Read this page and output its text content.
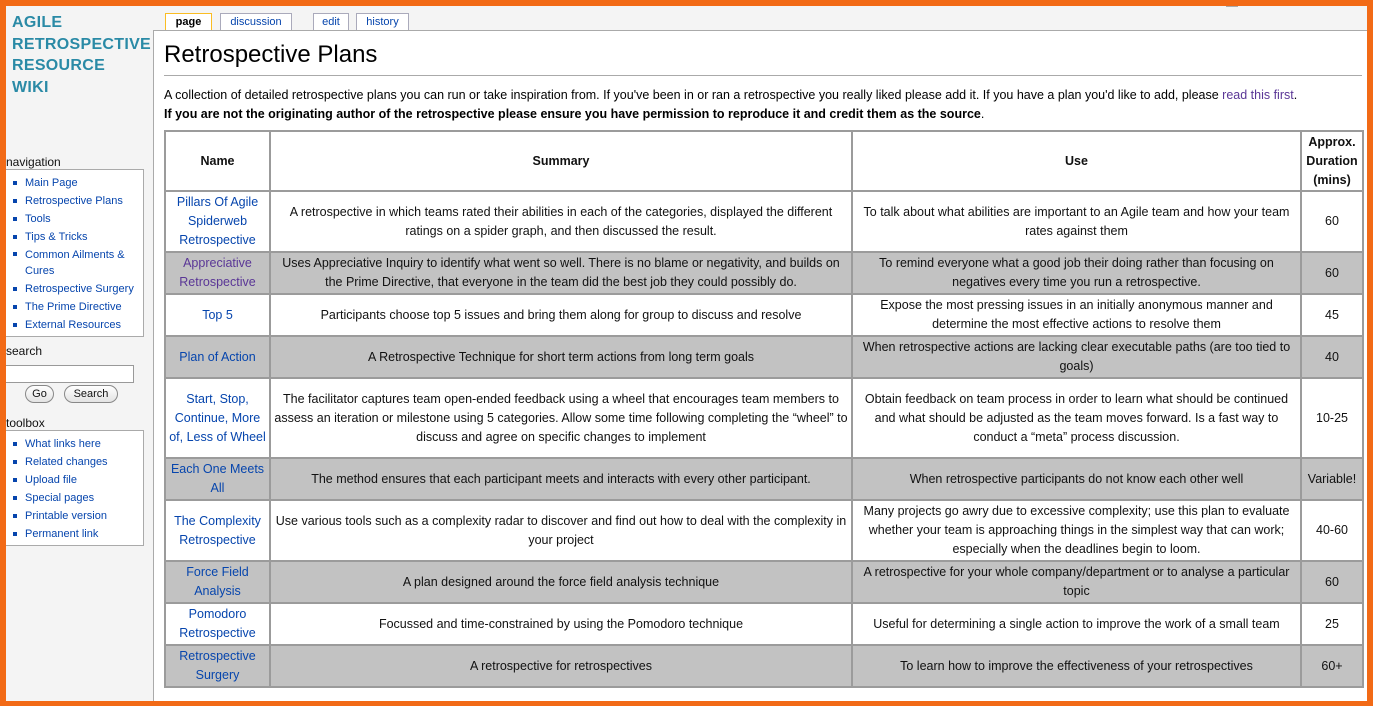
AGILE
RETROSPECTIVE
RESOURCE
WIKI
navigation
Main Page
Retrospective Plans
Tools
Tips & Tricks
Common Ailments & Cures
Retrospective Surgery
The Prime Directive
External Resources
search
Go	Search
toolbox
What links here
Related changes
Upload file
Special pages
Printable version
Permanent link

page	discussion	edit	history
Retrospective Plans
A collection of detailed retrospective plans you can run or take inspiration from. If you've been in or ran a retrospective you really liked please add it. If you have a plan you'd like to add, please read this first.
If you are not the originating author of the retrospective please ensure you have permission to reproduce it and credit them as the source.
Name	Summary	Use	Approx. Duration (mins)
Pillars Of Agile Spiderweb Retrospective	A retrospective in which teams rated their abilities in each of the categories, displayed the different ratings on a spider graph, and then discussed the result.	To talk about what abilities are important to an Agile team and how your team rates against them	60
Appreciative Retrospective	Uses Appreciative Inquiry to identify what went so well. There is no blame or negativity, and builds on the Prime Directive, that everyone in the team did the best job they could possibly do.	To remind everyone what a good job their doing rather than focusing on negatives every time you run a retrospective.	60
Top 5	Participants choose top 5 issues and bring them along for group to discuss and resolve	Expose the most pressing issues in an initially anonymous manner and determine the most effective actions to resolve them	45
Plan of Action	A Retrospective Technique for short term actions from long term goals	When retrospective actions are lacking clear executable paths (are too tied to goals)	40
Start, Stop, Continue, More of, Less of Wheel	The facilitator captures team open-ended feedback using a wheel that encourages team members to assess an iteration or milestone using 5 categories. Allow some time following completing the “wheel” to discuss and agree on specific changes to implement	Obtain feedback on team process in order to learn what should be continued and what should be adjusted as the team moves forward. Is a fast way to conduct a “meta” process discussion.	10-25
Each One Meets All	The method ensures that each participant meets and interacts with every other participant.	When retrospective participants do not know each other well	Variable!
The Complexity Retrospective	Use various tools such as a complexity radar to discover and find out how to deal with the complexity in your project	Many projects go awry due to excessive complexity; use this plan to evaluate whether your team is approaching things in the simplest way that can work; especially when the deadlines begin to loom.	40-60
Force Field Analysis	A plan designed around the force field analysis technique	A retrospective for your whole company/department or to analyse a particular topic	60
Pomodoro Retrospective	Focussed and time-constrained by using the Pomodoro technique	Useful for determining a single action to improve the work of a small team	25
Retrospective Surgery	A retrospective for retrospectives	To learn how to improve the effectiveness of your retrospectives	60+
